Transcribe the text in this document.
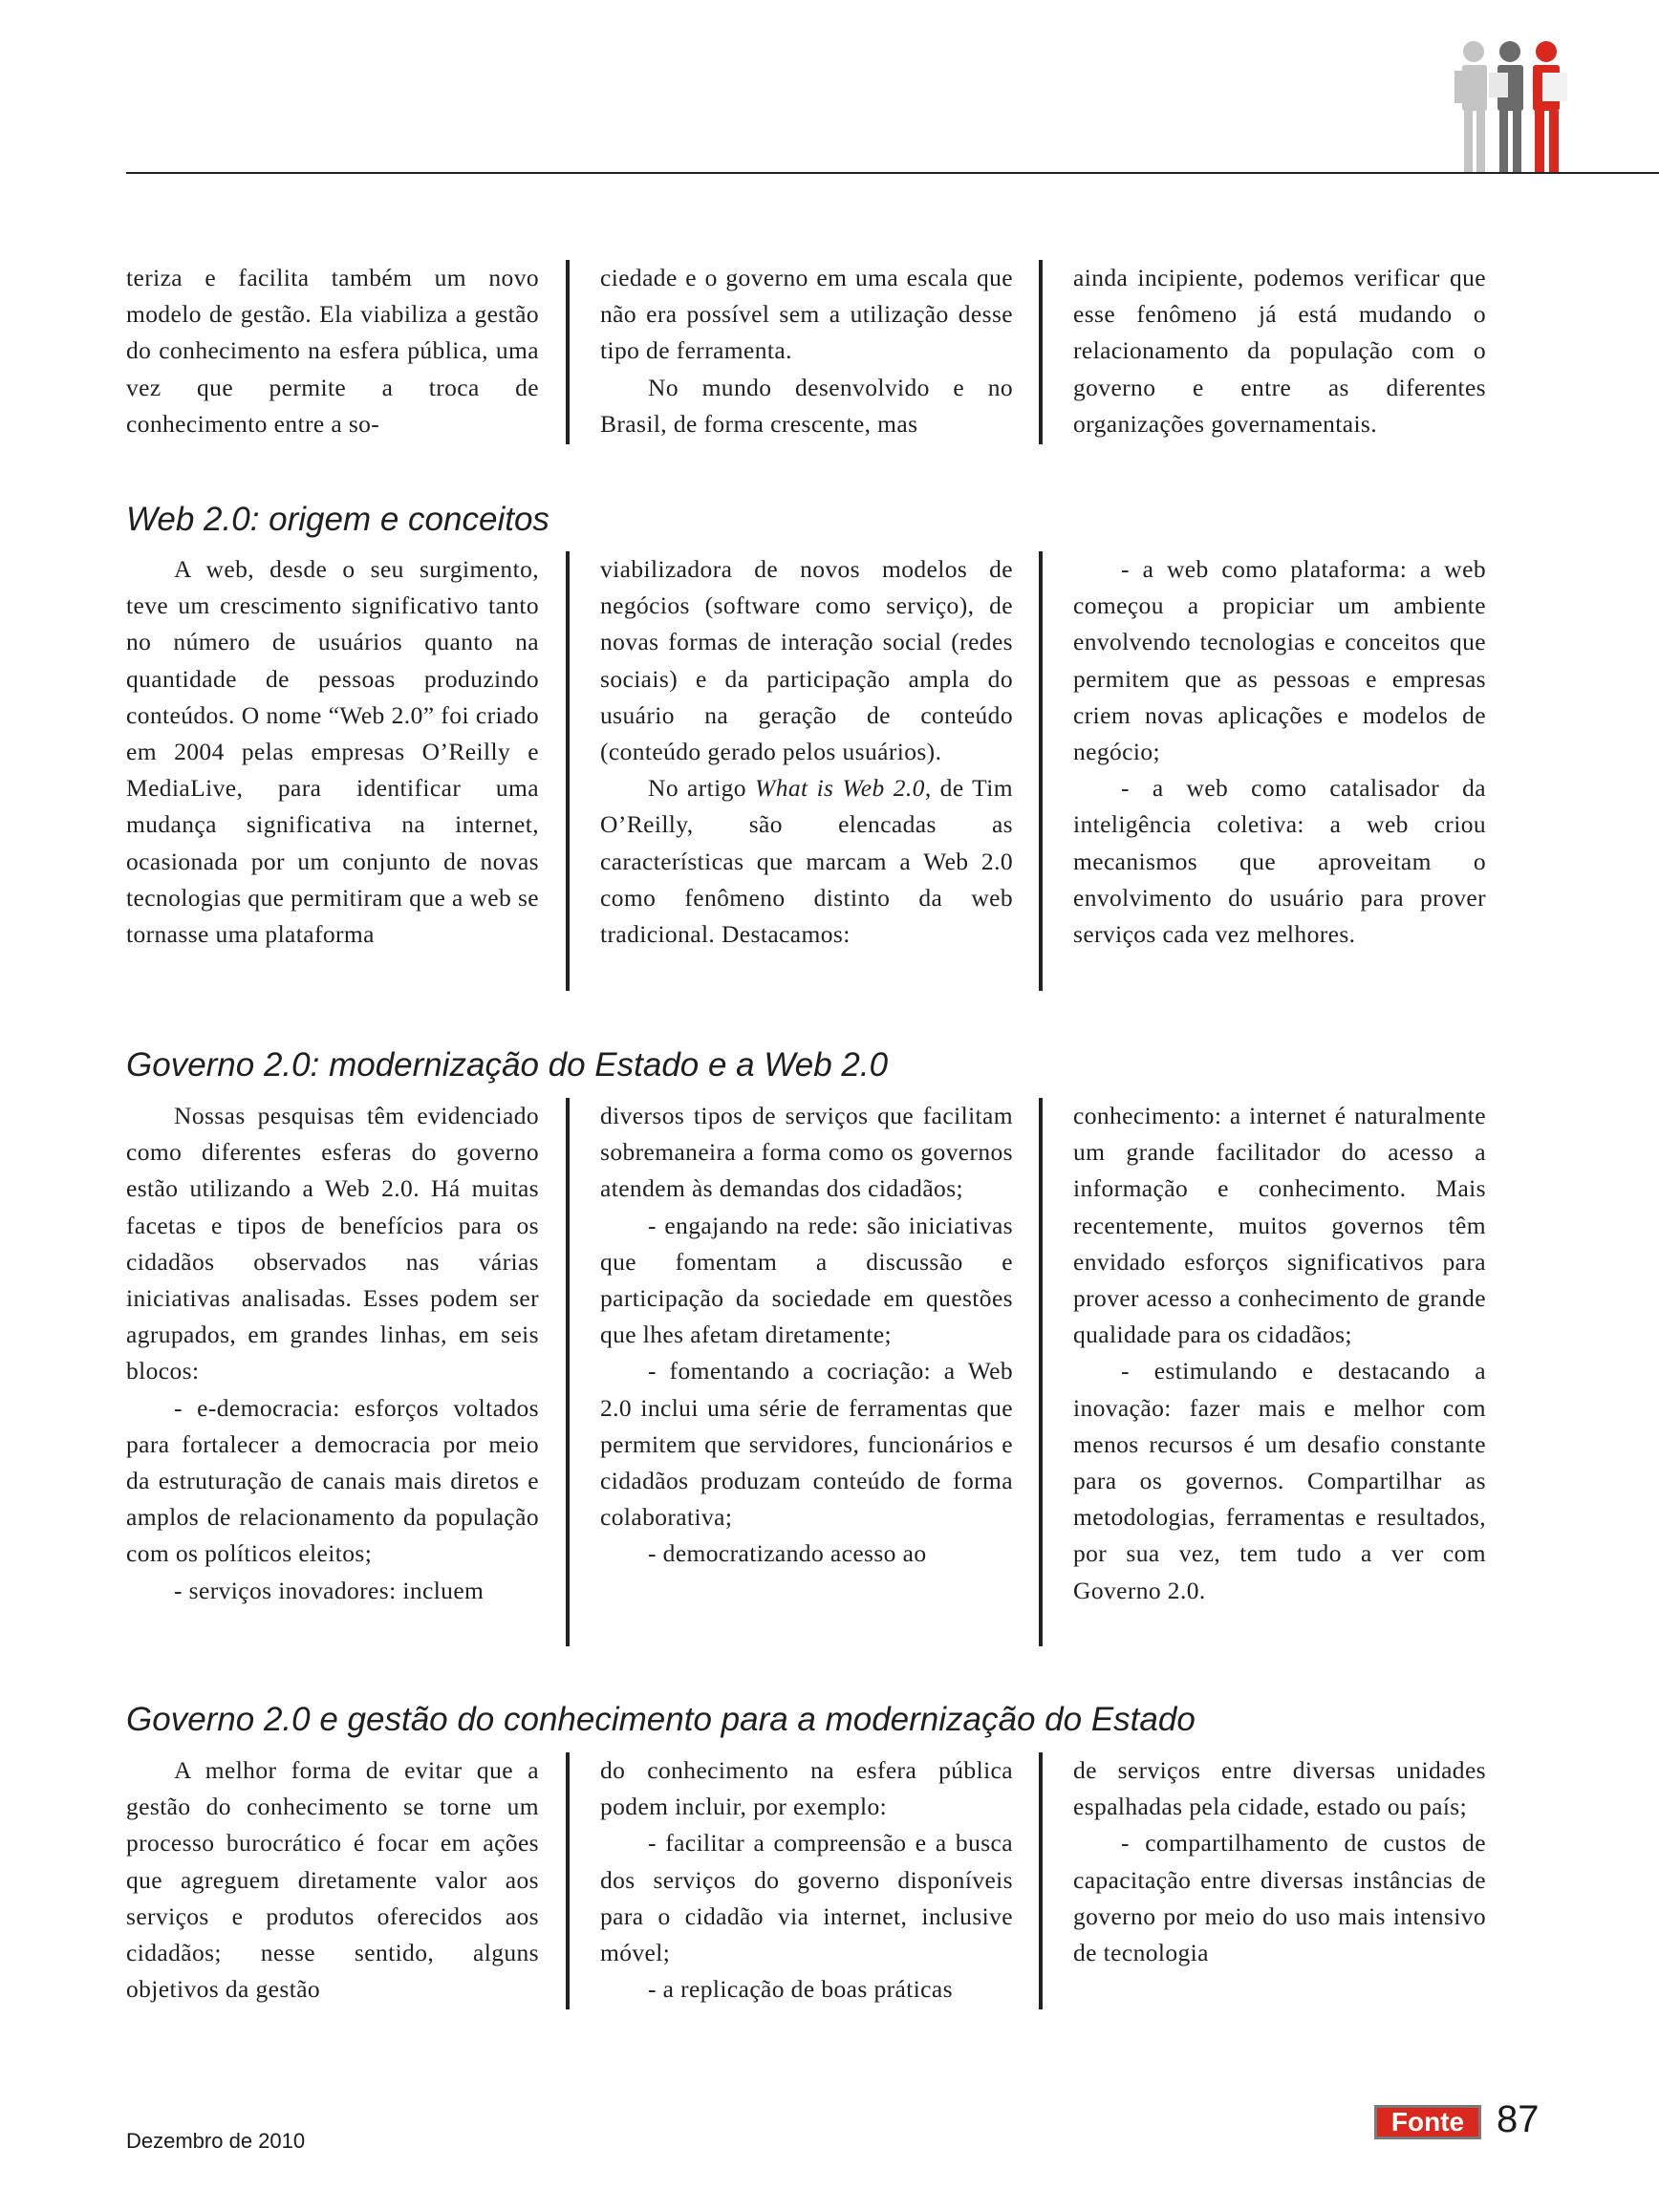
teriza e facilita também um novo modelo de gestão. Ela viabiliza a gestão do conhecimento na esfera pública, uma vez que permite a troca de conhecimento entre a so-

ciedade e o governo em uma escala que não era possível sem a utilização desse tipo de ferramenta.

No mundo desenvolvido e no Brasil, de forma crescente, mas

ainda incipiente, podemos verificar que esse fenômeno já está mudando o relacionamento da população com o governo e entre as diferentes organizações governamentais.

Web 2.0: origem e conceitos

A web, desde o seu surgimento, teve um crescimento significativo tanto no número de usuários quanto na quantidade de pessoas produzindo conteúdos. O nome “Web 2.0” foi criado em 2004 pelas empresas O’Reilly e MediaLive, para identificar uma mudança significativa na internet, ocasionada por um conjunto de novas tecnologias que permitiram que a web se tornasse uma plataforma

viabilizadora de novos modelos de negócios (software como serviço), de novas formas de interação social (redes sociais) e da participação ampla do usuário na geração de conteúdo (conteúdo gerado pelos usuários).

No artigo What is Web 2.0, de Tim O’Reilly, são elencadas as características que marcam a Web 2.0 como fenômeno distinto da web tradicional. Destacamos:

- a web como plataforma: a web começou a propiciar um ambiente envolvendo tecnologias e conceitos que permitem que as pessoas e empresas criem novas aplicações e modelos de negócio;

- a web como catalisador da inteligência coletiva: a web criou mecanismos que aproveitam o envolvimento do usuário para prover serviços cada vez melhores.

Governo 2.0: modernização do Estado e a Web 2.0

Nossas pesquisas têm evidenciado como diferentes esferas do governo estão utilizando a Web 2.0. Há muitas facetas e tipos de benefícios para os cidadãos observados nas várias iniciativas analisadas. Esses podem ser agrupados, em grandes linhas, em seis blocos:

- e-democracia: esforços voltados para fortalecer a democracia por meio da estruturação de canais mais diretos e amplos de relacionamento da população com os políticos eleitos;

- serviços inovadores: incluem

diversos tipos de serviços que facilitam sobremaneira a forma como os governos atendem às demandas dos cidadãos;

- engajando na rede: são iniciativas que fomentam a discussão e participação da sociedade em questões que lhes afetam diretamente;

- fomentando a cocriação: a Web 2.0 inclui uma série de ferramentas que permitem que servidores, funcionários e cidadãos produzam conteúdo de forma colaborativa;

- democratizando acesso ao

conhecimento: a internet é naturalmente um grande facilitador do acesso a informação e conhecimento. Mais recentemente, muitos governos têm envidado esforços significativos para prover acesso a conhecimento de grande qualidade para os cidadãos;

- estimulando e destacando a inovação: fazer mais e melhor com menos recursos é um desafio constante para os governos. Compartilhar as metodologias, ferramentas e resultados, por sua vez, tem tudo a ver com Governo 2.0.

Governo 2.0 e gestão do conhecimento para a modernização do Estado

A melhor forma de evitar que a gestão do conhecimento se torne um processo burocrático é focar em ações que agreguem diretamente valor aos serviços e produtos oferecidos aos cidadãos; nesse sentido, alguns objetivos da gestão

do conhecimento na esfera pública podem incluir, por exemplo:

- facilitar a compreensão e a busca dos serviços do governo disponíveis para o cidadão via internet, inclusive móvel;

- a replicação de boas práticas

de serviços entre diversas unidades espalhadas pela cidade, estado ou país;

- compartilhamento de custos de capacitação entre diversas instâncias de governo por meio do uso mais intensivo de tecnologia

Dezembro de 2010
Fonte 87
